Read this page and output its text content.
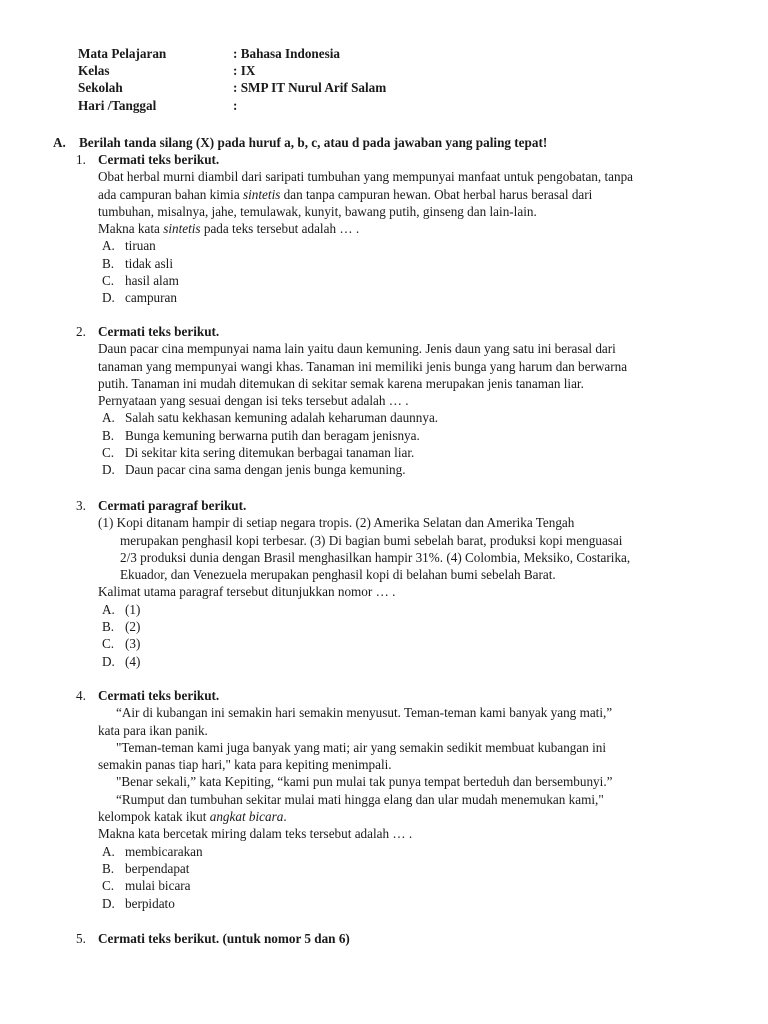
Mata Pelajaran	: Bahasa Indonesia
Kelas	: IX
Sekolah	: SMP IT Nurul Arif Salam
Hari /Tanggal	:
A. Berilah tanda silang (X) pada huruf a, b, c, atau d pada jawaban yang paling tepat!
1. Cermati teks berikut.
Obat herbal murni diambil dari saripati tumbuhan yang mempunyai manfaat untuk pengobatan, tanpa
ada campuran bahan kimia sintetis dan tanpa campuran hewan. Obat herbal harus berasal dari
tumbuhan, misalnya, jahe, temulawak, kunyit, bawang putih, ginseng dan lain-lain.
Makna kata sintetis pada teks tersebut adalah … .
A. tiruan
B. tidak asli
C. hasil alam
D. campuran
2. Cermati teks berikut.
Daun pacar cina mempunyai nama lain yaitu daun kemuning. Jenis daun yang satu ini berasal dari
tanaman yang mempunyai wangi khas. Tanaman ini memiliki jenis bunga yang harum dan berwarna
putih. Tanaman ini mudah ditemukan di sekitar semak karena merupakan jenis tanaman liar.
Pernyataan yang sesuai dengan isi teks tersebut adalah … .
A. Salah satu kekhasan kemuning adalah keharuman daunnya.
B. Bunga kemuning berwarna putih dan beragam jenisnya.
C. Di sekitar kita sering ditemukan berbagai tanaman liar.
D. Daun pacar cina sama dengan jenis bunga kemuning.
3. Cermati paragraf berikut.
(1) Kopi ditanam hampir di setiap negara tropis. (2) Amerika Selatan dan Amerika Tengah
merupakan penghasil kopi terbesar. (3) Di bagian bumi sebelah barat, produksi kopi menguasai
2/3 produksi dunia dengan Brasil menghasilkan hampir 31%. (4) Colombia, Meksiko, Costarika,
Ekuador, dan Venezuela merupakan penghasil kopi di belahan bumi sebelah Barat.
Kalimat utama paragraf tersebut ditunjukkan nomor … .
A. (1)
B. (2)
C. (3)
D. (4)
4. Cermati teks berikut.
“Air di kubangan ini semakin hari semakin menyusut. Teman-teman kami banyak yang mati,”
kata para ikan panik.
"Teman-teman kami juga banyak yang mati; air yang semakin sedikit membuat kubangan ini
semakin panas tiap hari," kata para kepiting menimpali.
"Benar sekali,” kata Kepiting, “kami pun mulai tak punya tempat berteduh dan bersembunyi.”
“Rumput dan tumbuhan sekitar mulai mati hingga elang dan ular mudah menemukan kami,"
kelompok katak ikut angkat bicara.
Makna kata bercetak miring dalam teks tersebut adalah … .
A. membicarakan
B. berpendapat
C. mulai bicara
D. berpidato
5. Cermati teks berikut. (untuk nomor 5 dan 6)
